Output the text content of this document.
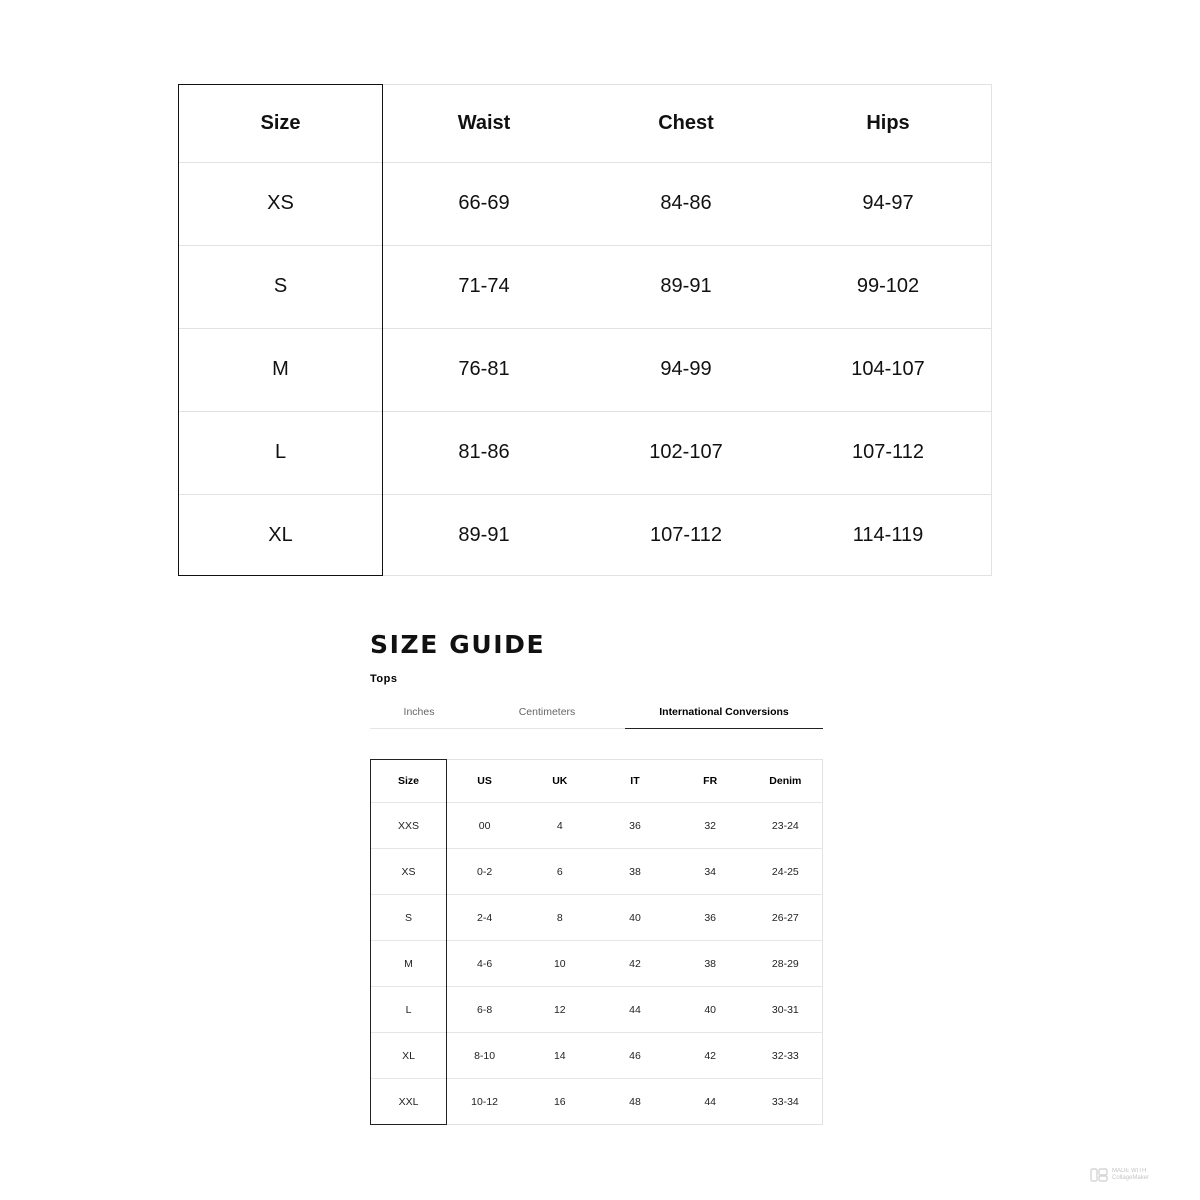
Size	Waist	Chest	Hips
XS	66-69	84-86	94-97
S	71-74	89-91	99-102
M	76-81	94-99	104-107
L	81-86	102-107	107-112
XL	89-91	107-112	114-119
SIZE GUIDE
Tops
Inches	Centimeters	International Conversions
Size	US	UK	IT	FR	Denim
XXS	00	4	36	32	23-24
XS	0-2	6	38	34	24-25
S	2-4	8	40	36	26-27
M	4-6	10	42	38	28-29
L	6-8	12	44	40	30-31
XL	8-10	14	46	42	32-33
XXL	10-12	16	48	44	33-34
MADE WITH
CollageMaker
